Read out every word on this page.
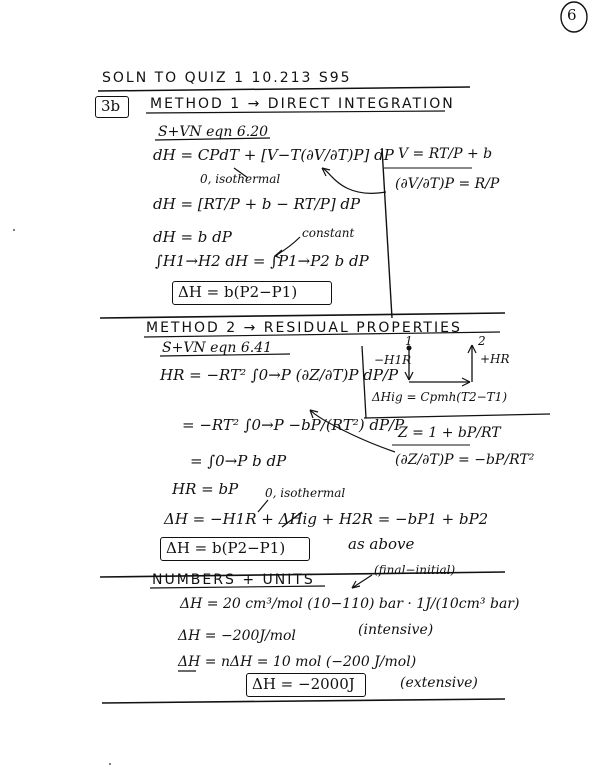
6
SOLN TO QUIZ 1 10.213 S95
3b METHOD 1 → DIRECT INTEGRATION
S+VN eqn 6.20
dH = CPdT + [V−T(∂V/∂T)P] dP
0, isothermal
V = RT/P + b
(∂V/∂T)P = R/P
dH = [RT/P + b − RT/P] dP
dH = b dP	constant
∫H1→H2 dH = ∫P1→P2 b dP
ΔH = b(P2−P1)
METHOD 2 → RESIDUAL PROPERTIES
S+VN eqn 6.41
HR = −RT² ∫0→P (∂Z/∂T)P dP/P
1	2
−H1R	+HR
ΔHig = Cpmh(T2−T1)
= −RT² ∫0→P −bP/(RT²) dP/P
Z = 1 + bP/RT
(∂Z/∂T)P = −bP/RT²
= ∫0→P b dP
HR = bP 0, isothermal
ΔH = −H1R + ΔHig + H2R = −bP1 + bP2
ΔH = b(P2−P1)	as above
NUMBERS + UNITS
(final−initial)
ΔH = 20 cm³/mol (10−110) bar · 1J/(10cm³ bar)
ΔH = −200J/mol	(intensive)
ΔH = nΔH = 10 mol (−200 J/mol)
ΔH = −2000J	(extensive)
